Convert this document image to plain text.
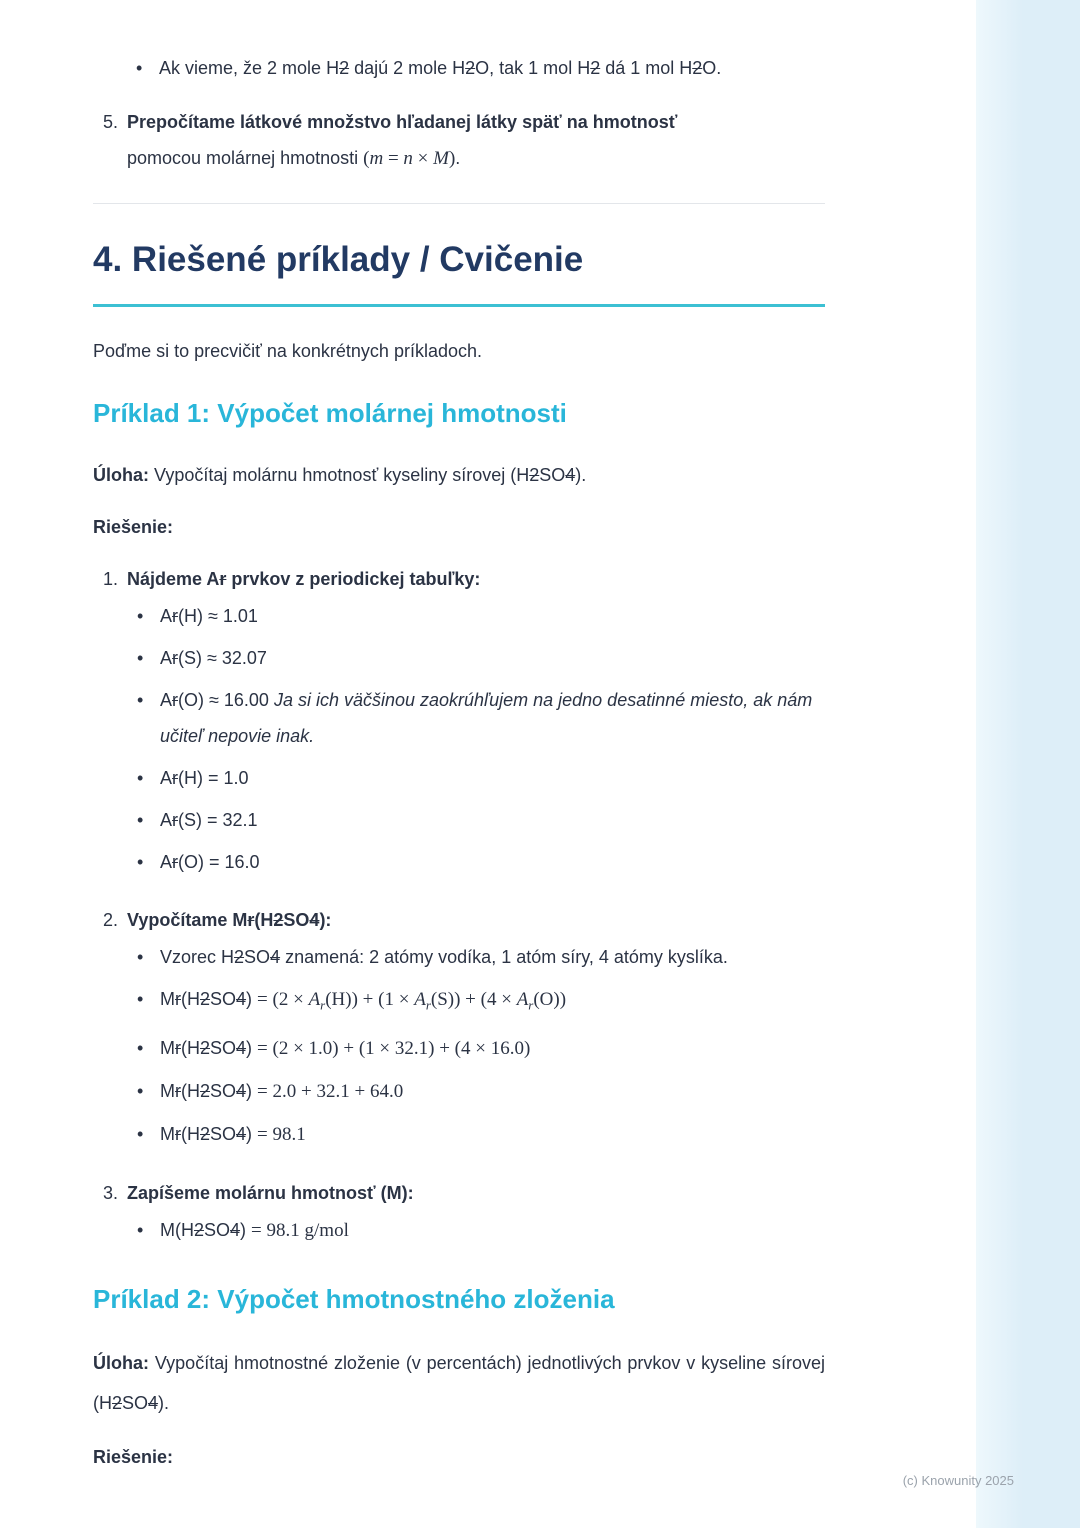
• Ak vieme, že 2 mole H2 dajú 2 mole H2O, tak 1 mol H2 dá 1 mol H2O.
5. Prepočítame látkové množstvo hľadanej látky späť na hmotnosť
pomocou molárnej hmotnosti (m = n × M).
4. Riešené príklady / Cvičenie

Poďme si to precvičiť na konkrétnych príkladoch.

Príklad 1: Výpočet molárnej hmotnosti

Úloha: Vypočítaj molárnu hmotnosť kyseliny sírovej (H2SO4).

Riešenie:

1. Nájdeme Ar prvkov z periodickej tabuľky:
• Ar(H) ≈ 1.01
• Ar(S) ≈ 32.07
• Ar(O) ≈ 16.00 Ja si ich väčšinou zaokrúhľujem na jedno desatinné miesto, ak nám učiteľ nepovie inak.
• Ar(H) = 1.0
• Ar(S) = 32.1
• Ar(O) = 16.0
2. Vypočítame Mr(H2SO4):
• Vzorec H2SO4 znamená: 2 atómy vodíka, 1 atóm síry, 4 atómy kyslíka.
• $Mr(H2SO4) = (2 \times A_r(H)) + (1 \times A_r(S)) + (4 \times A_r(O))$
• Mr(H2SO4) = (2 × 1.0) + (1 × 32.1) + (4 × 16.0)
• Mr(H2SO4) = 2.0 + 32.1 + 64.0
• Mr(H2SO4) = 98.1
3. Zapíšeme molárnu hmotnosť (M):
• M(H2SO4) = 98.1 g/mol
Príklad 2: Výpočet hmotnostného zloženia

Úloha: Vypočítaj hmotnostné zloženie (v percentách) jednotlivých prvkov v kyseline sírovej (H2SO4).

Riešenie:

(c) Knowunity 2025
